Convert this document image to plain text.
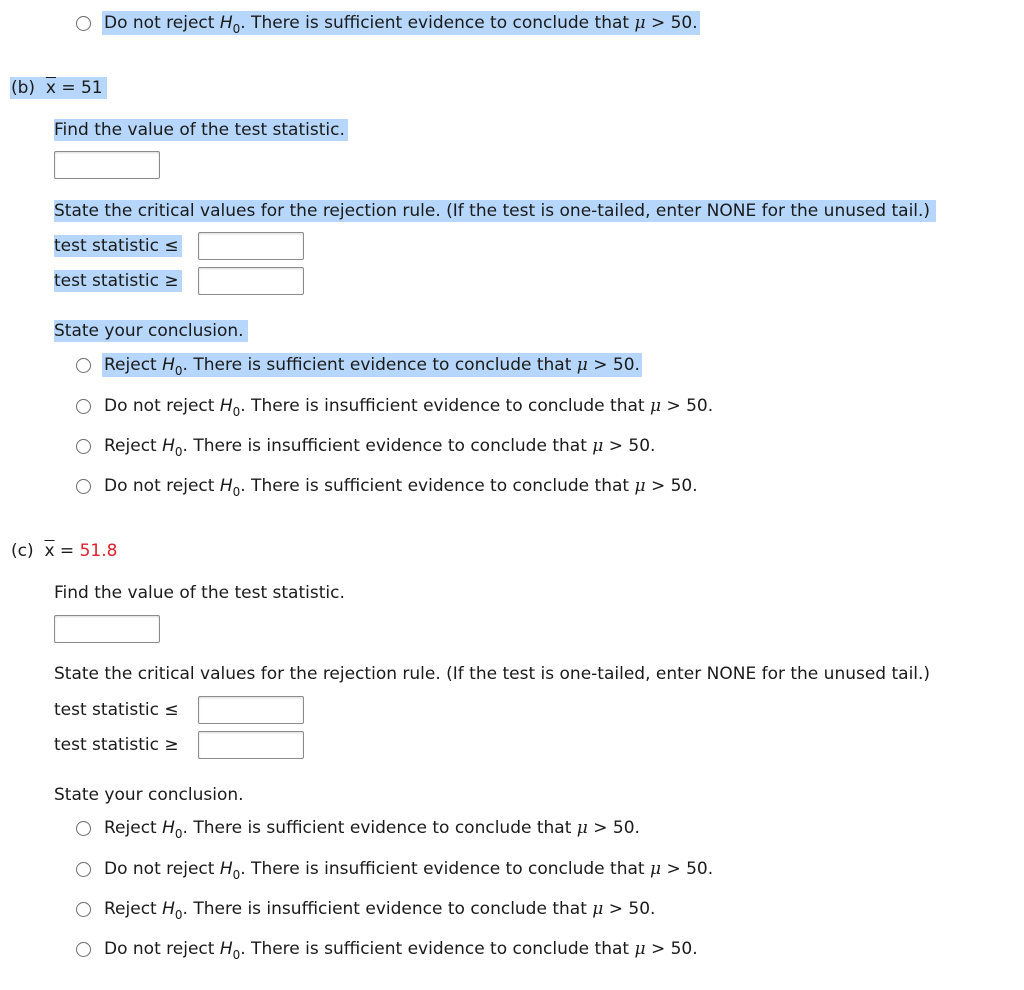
Do not reject $H_0$. There is sufficient evidence to conclude that μ > 50.
(b) $\overline{x} = 51$
Find the value of the test statistic.
State the critical values for the rejection rule. (If the test is one-tailed, enter NONE for the unused tail.)
test statistic ≤
test statistic ≥
State your conclusion.
Reject $H_0$. There is sufficient evidence to conclude that μ > 50.
Do not reject $H_0$. There is insufficient evidence to conclude that μ > 50.
Reject $H_0$. There is insufficient evidence to conclude that μ > 50.
Do not reject $H_0$. There is sufficient evidence to conclude that μ > 50.
(c) $\overline{x} = 51.8$
Find the value of the test statistic.
State the critical values for the rejection rule. (If the test is one-tailed, enter NONE for the unused tail.)
test statistic ≤
test statistic ≥
State your conclusion.
Reject $H_0$. There is sufficient evidence to conclude that μ > 50.
Do not reject $H_0$. There is insufficient evidence to conclude that μ > 50.
Reject $H_0$. There is insufficient evidence to conclude that μ > 50.
Do not reject $H_0$. There is sufficient evidence to conclude that μ > 50.
